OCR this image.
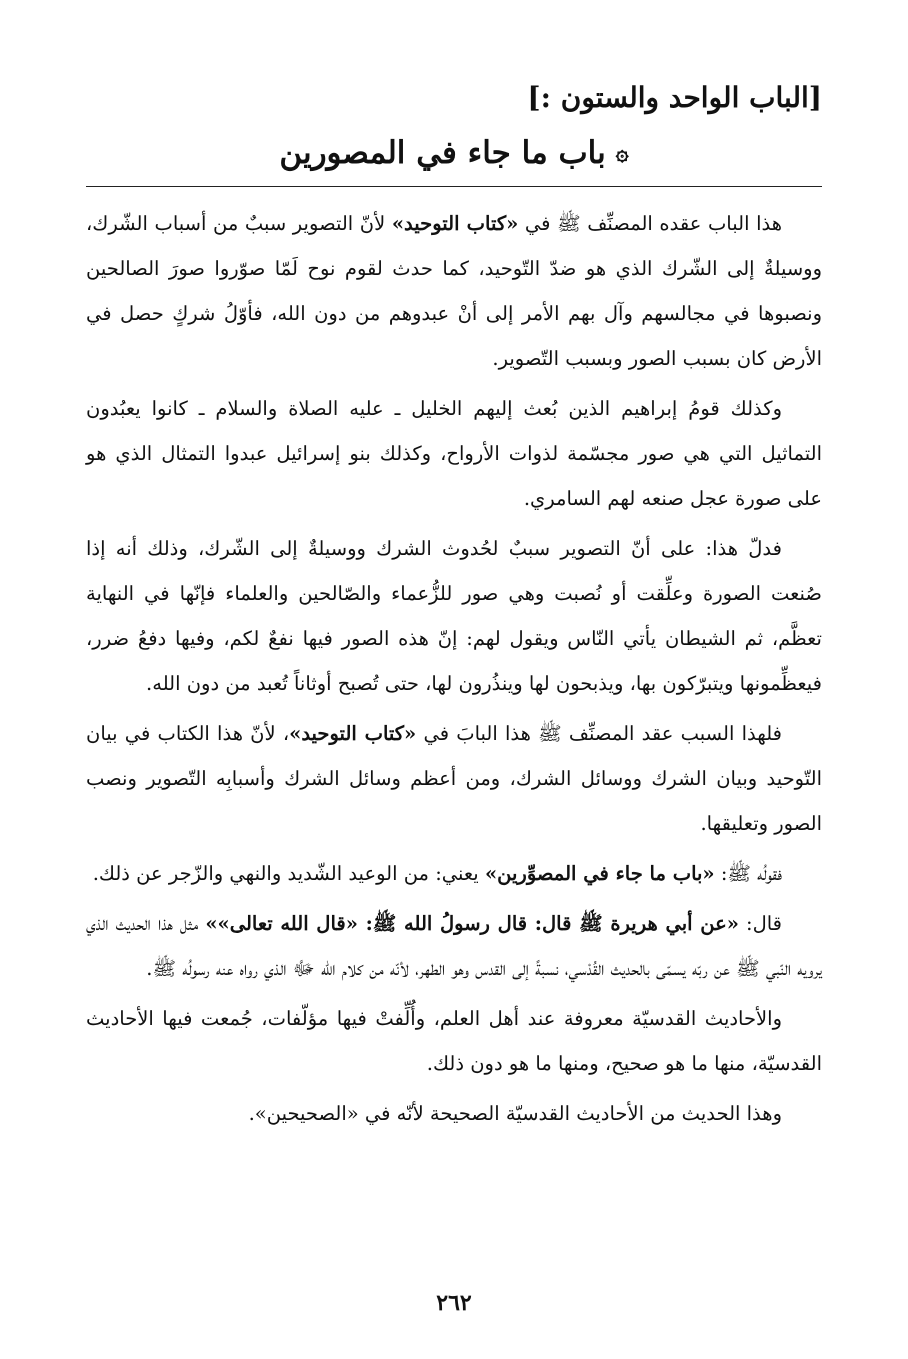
[الباب الواحد والستون :]
۞باب ما جاء في المصورين

هذا الباب عقده المصنِّف ﷺ في «كتاب التوحيد» لأنّ التصوير سببٌ من أسباب الشّرك، ووسيلةٌ إلى الشّرك الذي هو ضدّ التّوحيد، كما حدث لقوم نوح لَمّا صوّروا صورَ الصالحين ونصبوها في مجالسهم وآل بهم الأمر إلى أنْ عبدوهم من دون الله، فأوّلُ شركٍ حصل في الأرض كان بسبب الصور وبسبب التّصوير.

وكذلك قومُ إبراهيم الذين بُعث إليهم الخليل ـ عليه الصلاة والسلام ـ كانوا يعبُدون التماثيل التي هي صور مجسّمة لذوات الأرواح، وكذلك بنو إسرائيل عبدوا التمثال الذي هو على صورة عجل صنعه لهم السامري.

فدلّ هذا: على أنّ التصوير سببٌ لحُدوث الشرك ووسيلةٌ إلى الشّرك، وذلك أنه إذا صُنعت الصورة وعلِّقت أو نُصبت وهي صور للزُّعماء والصّالحين والعلماء فإنّها في النهاية تعظَّم، ثم الشيطان يأتي النّاس ويقول لهم: إنّ هذه الصور فيها نفعٌ لكم، وفيها دفعُ ضرر، فيعظِّمونها ويتبرّكون بها، ويذبحون لها وينذُرون لها، حتى تُصبح أوثاناً تُعبد من دون الله.

فلهذا السبب عقد المصنِّف ﷺ هذا البابَ في «كتاب التوحيد»، لأنّ هذا الكتاب في بيان التّوحيد وبيان الشرك ووسائل الشرك، ومن أعظم وسائل الشرك وأسبابِه التّصوير ونصب الصور وتعليقها.

فقولُه ﷺ: «باب ما جاء في المصوِّرين» يعني: من الوعيد الشّديد والنهي والزّجر عن ذلك.

قال: «عن أبي هريرة ﷺ قال: قال رسولُ الله ﷺ: «قال الله تعالى»» مثل هذا الحديث الذي يرويه النّبي ﷺ عن ربّه يسمّى بالحديث القُدْسي، نسبةً إلى القدس وهو الطهر، لأنّه من كلام الله ﷻ الذي رواه عنه رسولُه ﷺ.

والأحاديث القدسيّة معروفة عند أهل العلم، وأُلِّفتْ فيها مؤلّفات، جُمعت فيها الأحاديث القدسيّة، منها ما هو صحيح، ومنها ما هو دون ذلك.

وهذا الحديث من الأحاديث القدسيّة الصحيحة لأنّه في «الصحيحين».

٢٦٢
